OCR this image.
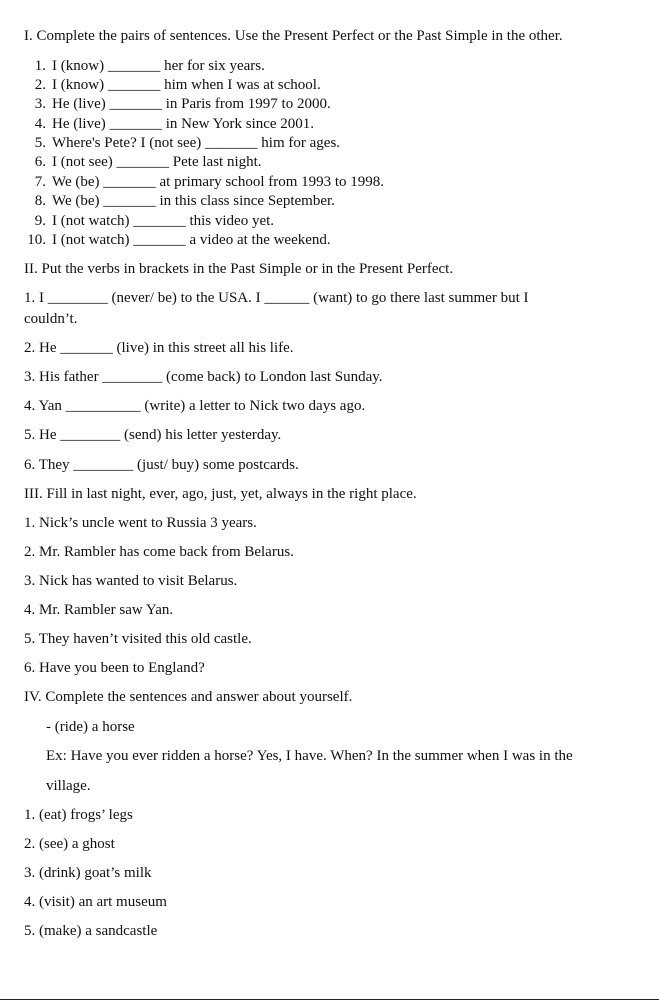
I. Complete the pairs of sentences. Use the Present Perfect or the Past Simple in the other.
1. I (know) _______ her for six years.
2. I (know) _______ him when I was at school.
3. He (live) _______ in Paris from 1997 to 2000.
4. He (live) _______ in New York since 2001.
5. Where's Pete? I (not see) _______ him for ages.
6. I (not see) _______ Pete last night.
7. We (be) _______ at primary school from 1993 to 1998.
8. We (be) _______ in this class since September.
9. I (not watch) _______ this video yet.
10. I (not watch) _______ a video at the weekend.
II. Put the verbs in brackets in the Past Simple or in the Present Perfect.
1. I ________ (never/ be) to the USA. I ______ (want) to go there last summer but I
couldn’t.
2. He _______ (live) in this street all his life.
3. His father ________ (come back) to London last Sunday.
4. Yan __________ (write) a letter to Nick two days ago.
5. He ________ (send) his letter yesterday.
6. They ________ (just/ buy) some postcards.
III. Fill in last night, ever, ago, just, yet, always in the right place.
1. Nick’s uncle went to Russia 3 years.
2. Mr. Rambler has come back from Belarus.
3. Nick has wanted to visit Belarus.
4. Mr. Rambler saw Yan.
5. They haven’t visited this old castle.
6. Have you been to England?
IV. Complete the sentences and answer about yourself.
- (ride) a horse
Ex: Have you ever ridden a horse? Yes, I have. When? In the summer when I was in the
village.
1. (eat) frogs’ legs
2. (see) a ghost
3. (drink) goat’s milk
4. (visit) an art museum
5. (make) a sandcastle
